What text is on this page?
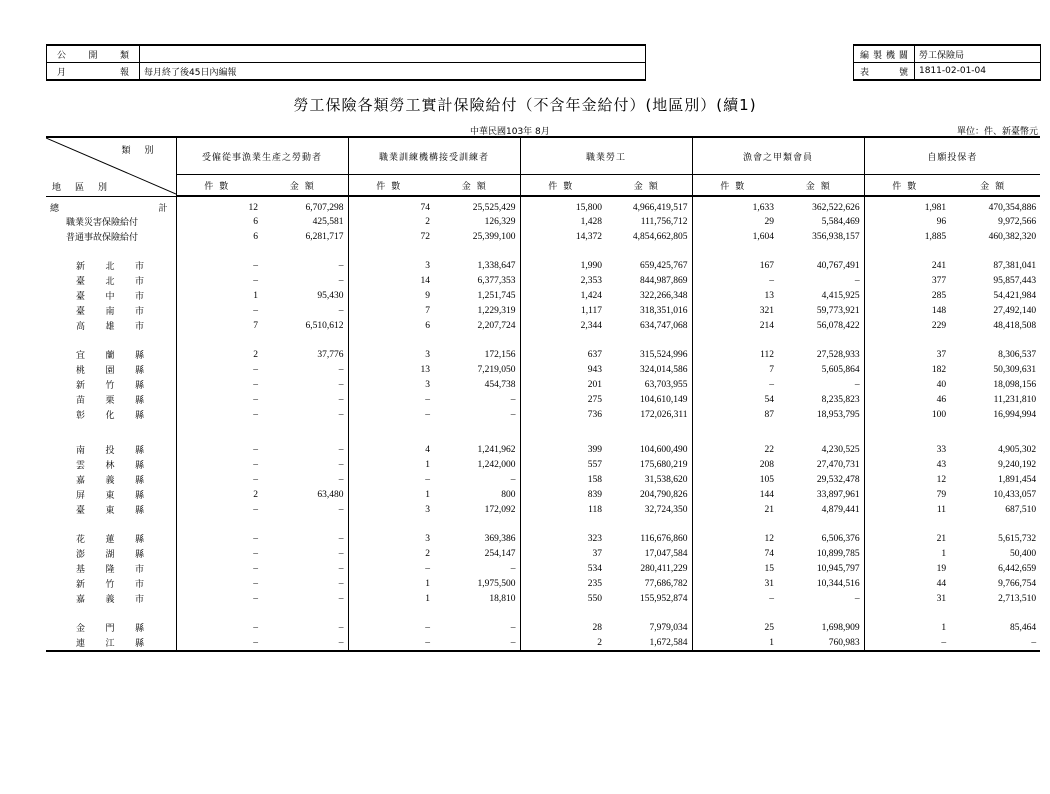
公開類	
月報	每月終了後45日內編報
編製機關	勞工保險局
表號	1811-02-01-04
勞工保險各類勞工實計保險給付（不含年金給付）(地區別）(續1)
中華民國103年 8月	單位：件、新臺幣元
類別
地區別	受僱從事漁業生產之勞動者		職業訓練機構接受訓練者		職業勞工		漁會之甲類會員		自願投保者	
	件數	金額	件數	金額	件數	金額	件數	金額	件數	金額

總計	12	6,707,298	74	25,525,429	15,800	4,966,419,517	1,633	362,522,626	1,981	470,354,886
職業災害保險給付	6	425,581	2	126,329	1,428	111,756,712	29	5,584,469	96	9,972,566
普通事故保險給付	6	6,281,717	72	25,399,100	14,372	4,854,662,805	1,604	356,938,157	1,885	460,382,320

新北市	–	–	3	1,338,647	1,990	659,425,767	167	40,767,491	241	87,381,041
臺北市	–	–	14	6,377,353	2,353	844,987,869	–	–	377	95,857,443
臺中市	1	95,430	9	1,251,745	1,424	322,266,348	13	4,415,925	285	54,421,984
臺南市	–	–	7	1,229,319	1,117	318,351,016	321	59,773,921	148	27,492,140
高雄市	7	6,510,612	6	2,207,724	2,344	634,747,068	214	56,078,422	229	48,418,508

宜蘭縣	2	37,776	3	172,156	637	315,524,996	112	27,528,933	37	8,306,537
桃園縣	–	–	13	7,219,050	943	324,014,586	7	5,605,864	182	50,309,631
新竹縣	–	–	3	454,738	201	63,703,955	–	–	40	18,098,156
苗栗縣	–	–	–	–	275	104,610,149	54	8,235,823	46	11,231,810
彰化縣	–	–	–	–	736	172,026,311	87	18,953,795	100	16,994,994

南投縣	–	–	4	1,241,962	399	104,600,490	22	4,230,525	33	4,905,302
雲林縣	–	–	1	1,242,000	557	175,680,219	208	27,470,731	43	9,240,192
嘉義縣	–	–	–	–	158	31,538,620	105	29,532,478	12	1,891,454
屏東縣	2	63,480	1	800	839	204,790,826	144	33,897,961	79	10,433,057
臺東縣	–	–	3	172,092	118	32,724,350	21	4,879,441	11	687,510

花蓮縣	–	–	3	369,386	323	116,676,860	12	6,506,376	21	5,615,732
澎湖縣	–	–	2	254,147	37	17,047,584	74	10,899,785	1	50,400
基隆市	–	–	–	–	534	280,411,229	15	10,945,797	19	6,442,659
新竹市	–	–	1	1,975,500	235	77,686,782	31	10,344,516	44	9,766,754
嘉義市	–	–	1	18,810	550	155,952,874	–	–	31	2,713,510

金門縣	–	–	–	–	28	7,979,034	25	1,698,909	1	85,464
連江縣	–	–	–	–	2	1,672,584	1	760,983	–	–
